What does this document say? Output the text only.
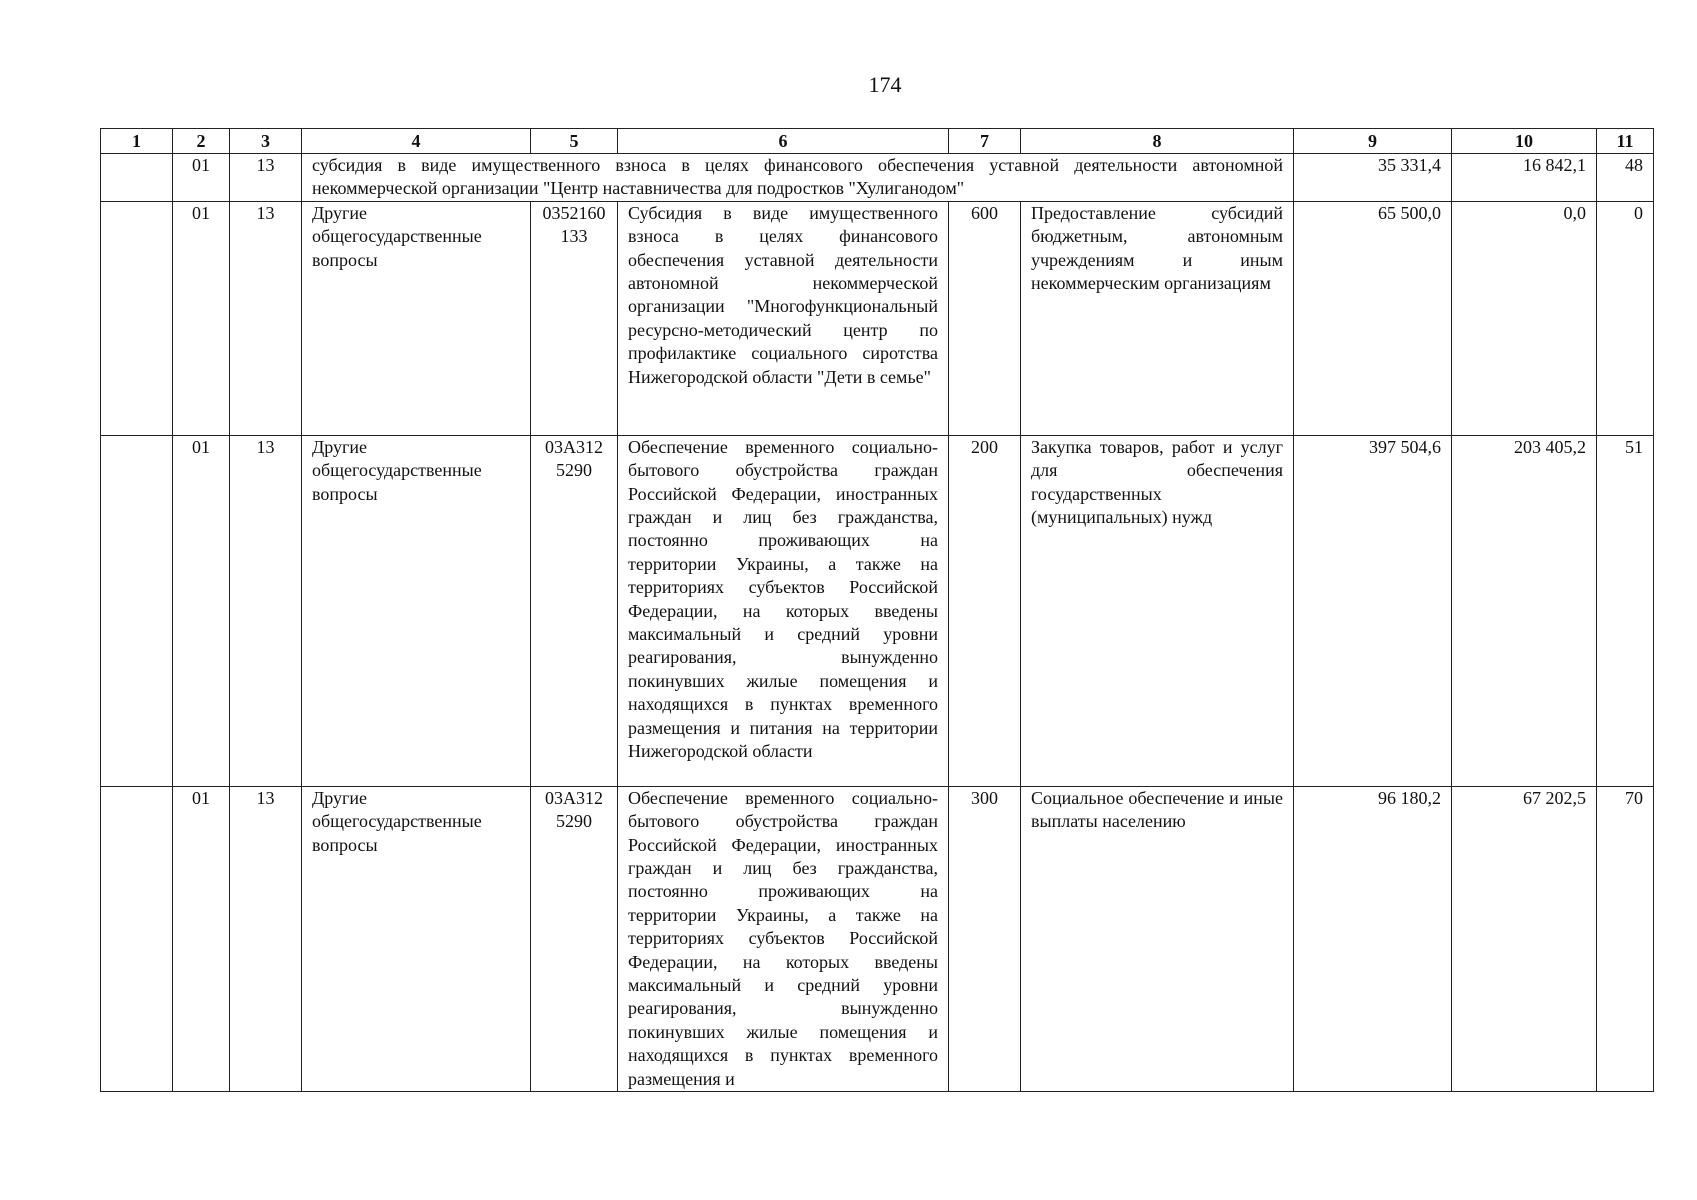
174
1	2	3	4	5	6	7	8	9	10	11
	01	13	субсидия в виде имущественного взноса в целях финансового обеспечения уставной деятельности автономной некоммерческой организации "Центр наставничества для подростков "Хулиганодом"					35 331,4	16 842,1	48
	01	13	Другие общегосударственные вопросы	0352160133	Субсидия в виде имущественного взноса в целях финансового обеспечения уставной деятельности автономной некоммерческой организации "Многофункциональный ресурсно-методический центр по профилактике социального сиротства Нижегородской области "Дети в семье"	600	Предоставление субсидий бюджетным, автономным учреждениям и иным некоммерческим организациям	65 500,0	0,0	0
	01	13	Другие общегосударственные вопросы	03А3125290	Обеспечение временного социально-бытового обустройства граждан Российской Федерации, иностранных граждан и лиц без гражданства, постоянно проживающих на территории Украины, а также на территориях субъектов Российской Федерации, на которых введены максимальный и средний уровни реагирования, вынужденно покинувших жилые помещения и находящихся в пунктах временного размещения и питания на территории Нижегородской области	200	Закупка товаров, работ и услуг для обеспечения государственных (муниципальных) нужд	397 504,6	203 405,2	51
	01	13	Другие общегосударственные вопросы	03А3125290	Обеспечение временного социально-бытового обустройства граждан Российской Федерации, иностранных граждан и лиц без гражданства, постоянно проживающих на территории Украины, а также на территориях субъектов Российской Федерации, на которых введены максимальный и средний уровни реагирования, вынужденно покинувших жилые помещения и находящихся в пунктах временного размещения и	300	Социальное обеспечение и иные выплаты населению	96 180,2	67 202,5	70
